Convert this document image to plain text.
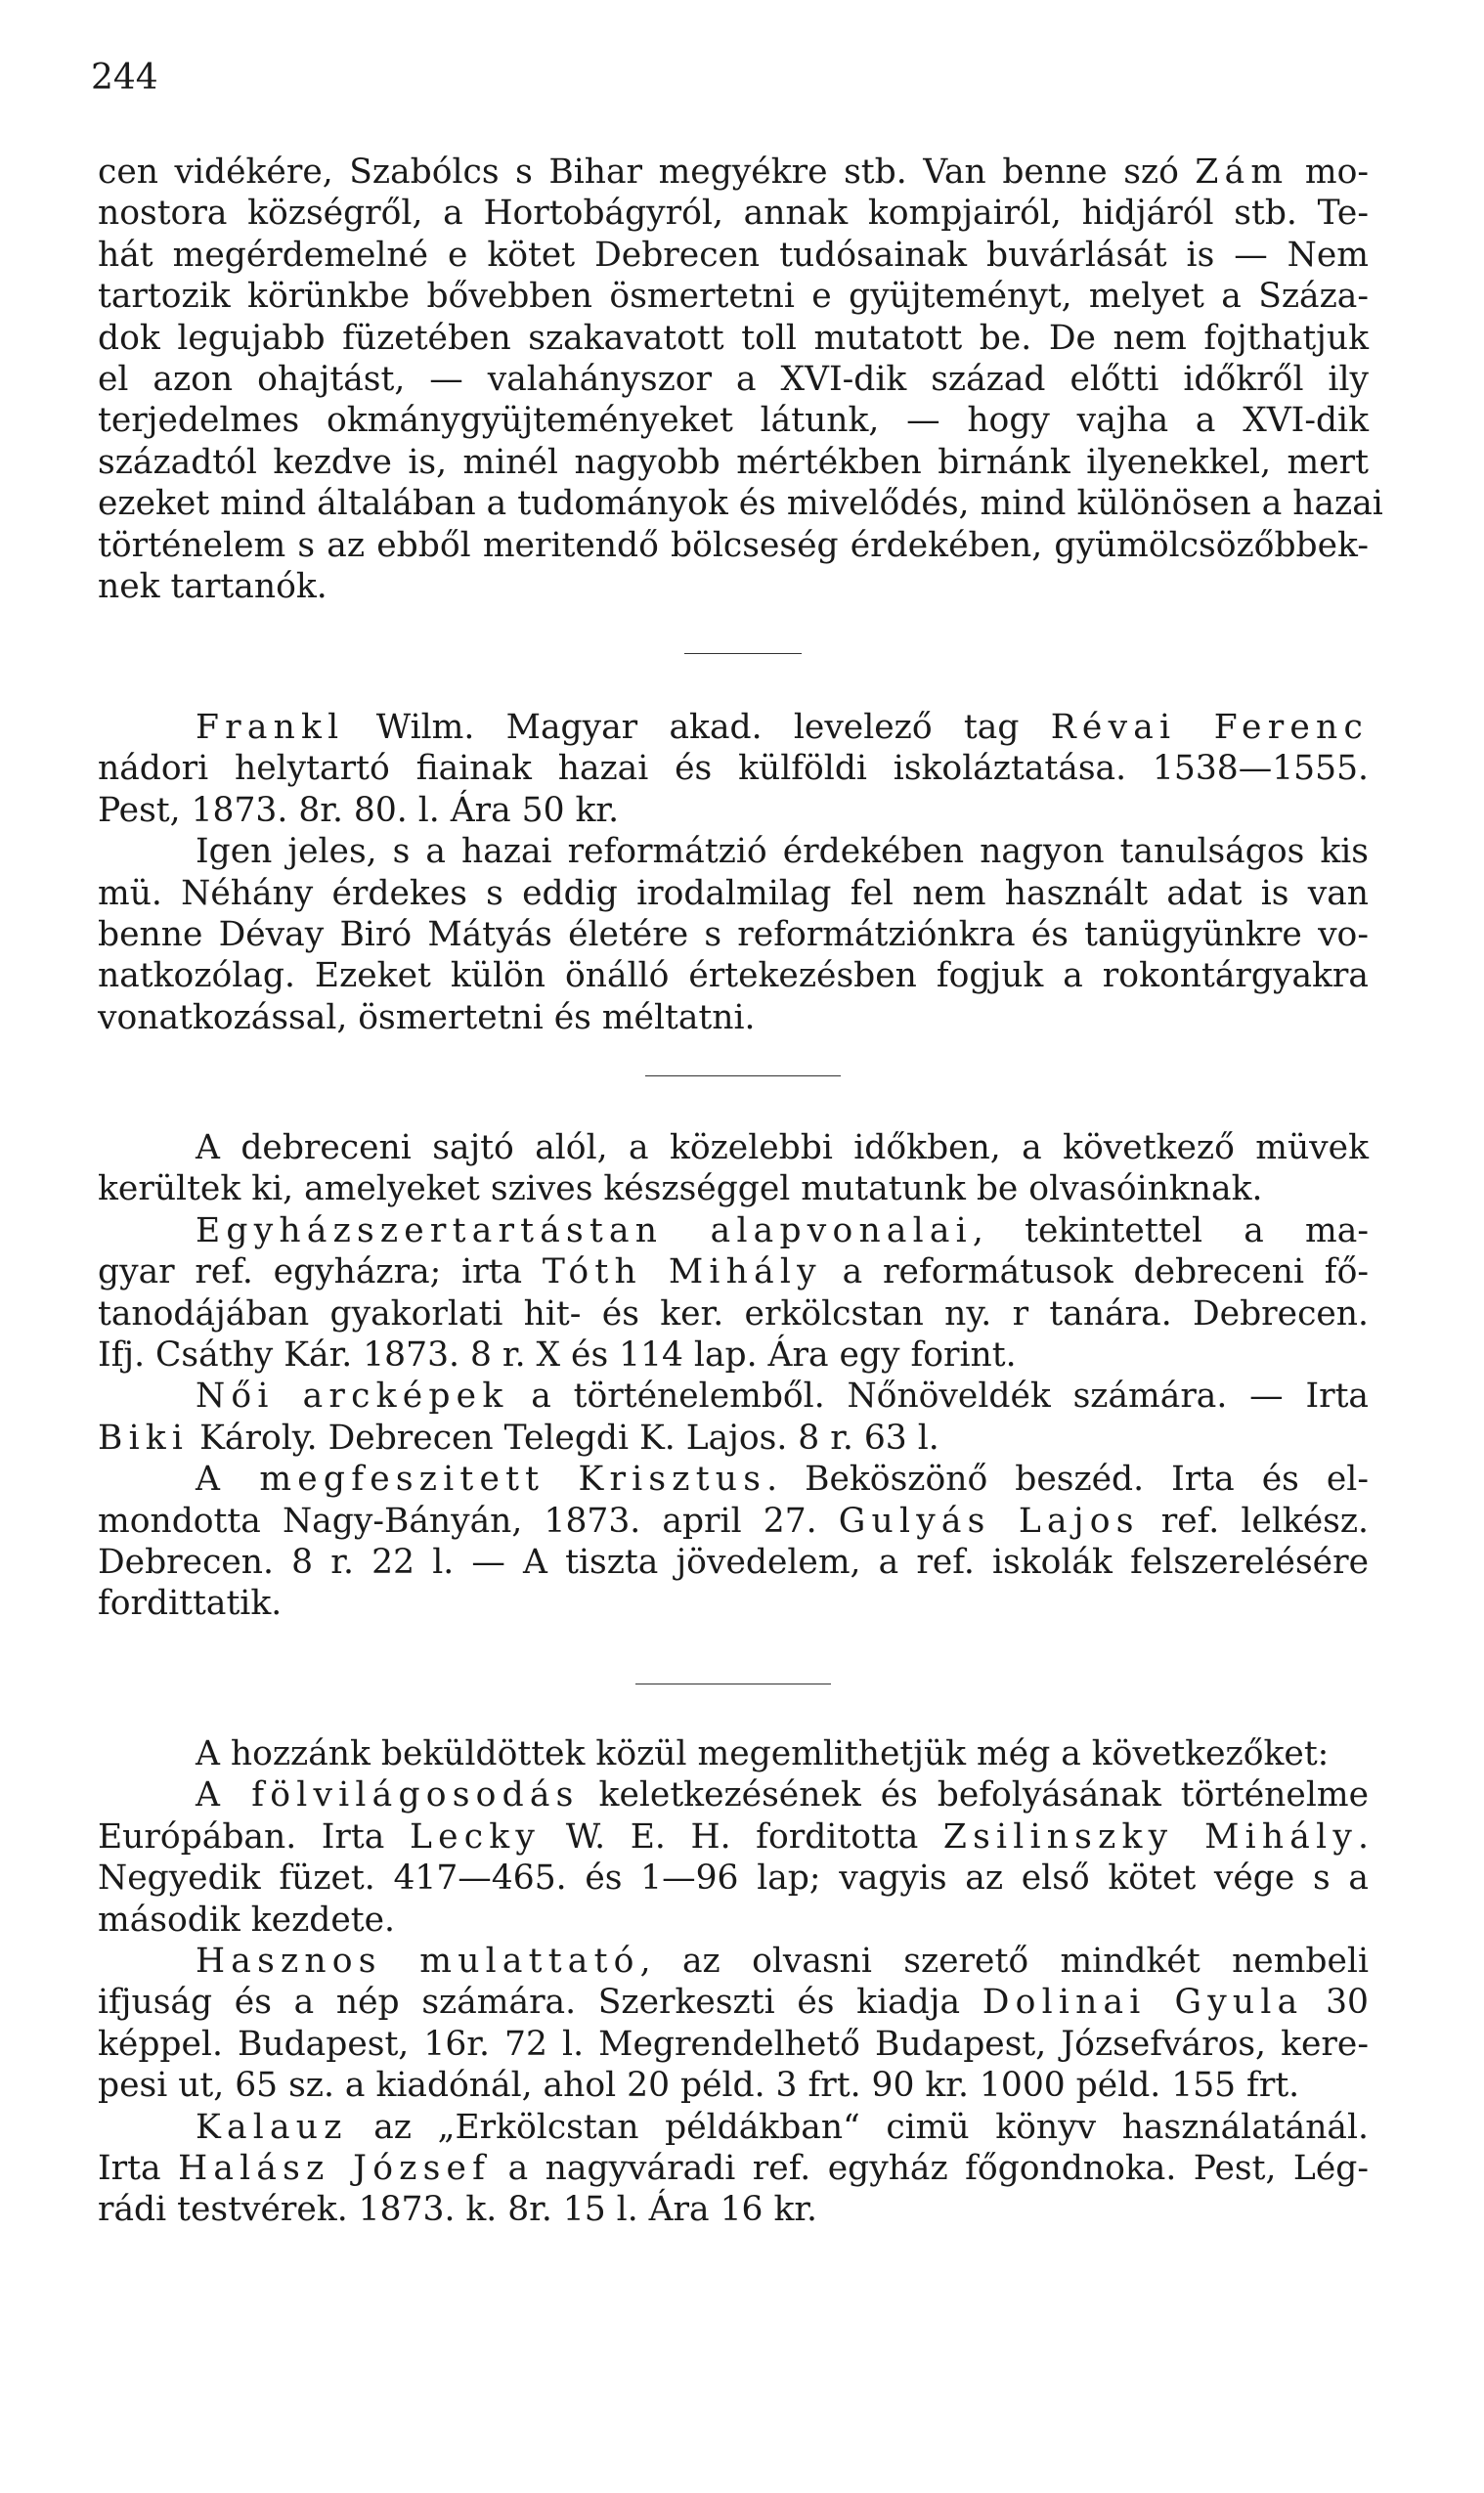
244
cen vidékére, Szabólcs s Bihar megyékre stb. Van benne szó Zám mo-
nostora községről, a Hortobágyról, annak kompjairól, hidjáról stb. Te-
hát megérdemelné e kötet Debrecen tudósainak buvárlását is — Nem
tartozik körünkbe bővebben ösmertetni e gyüjteményt, melyet a Száza-
dok legujabb füzetében szakavatott toll mutatott be. De nem fojthatjuk
el azon ohajtást, — valahányszor a XVI-dik század előtti időkről ily
terjedelmes okmánygyüjteményeket látunk, — hogy vajha a XVI-dik
századtól kezdve is, minél nagyobb mértékben birnánk ilyenekkel, mert
ezeket mind általában a tudományok és mivelődés, mind különösen a hazai
történelem s az ebből meritendő bölcseség érdekében, gyümölcsözőbbek-
nek tartanók.
Frankl Wilm. Magyar akad. levelező tag Révai Ferenc
nádori helytartó fiainak hazai és külföldi iskoláztatása. 1538—1555.
Pest, 1873. 8r. 80. l. Ára 50 kr.
Igen jeles, s a hazai reformátzió érdekében nagyon tanulságos kis
mü. Néhány érdekes s eddig irodalmilag fel nem használt adat is van
benne Dévay Biró Mátyás életére s reformátziónkra és tanügyünkre vo-
natkozólag. Ezeket külön önálló értekezésben fogjuk a rokontárgyakra
vonatkozással, ösmertetni és méltatni.
A debreceni sajtó alól, a közelebbi időkben, a következő müvek
kerültek ki, amelyeket szives készséggel mutatunk be olvasóinknak.
Egyházszertartástan alapvonalai, tekintettel a ma-
gyar ref. egyházra; irta Tóth Mihály a reformátusok debreceni fő-
tanodájában gyakorlati hit- és ker. erkölcstan ny. r tanára. Debrecen.
Ifj. Csáthy Kár. 1873. 8 r. X és 114 lap. Ára egy forint.
Női arcképek a történelemből. Nőnöveldék számára. — Irta
Biki Károly. Debrecen Telegdi K. Lajos. 8 r. 63 l.
A megfeszitett Krisztus. Beköszönő beszéd. Irta és el-
mondotta Nagy-Bányán, 1873. april 27. Gulyás Lajos ref. lelkész.
Debrecen. 8 r. 22 l. — A tiszta jövedelem, a ref. iskolák felszerelésére
fordittatik.
A hozzánk beküldöttek közül megemlithetjük még a következőket:
A fölvilágosodás keletkezésének és befolyásának történelme
Európában. Irta Lecky W. E. H. forditotta Zsilinszky Mihály.
Negyedik füzet. 417—465. és 1—96 lap; vagyis az első kötet vége s a
második kezdete.
Hasznos mulattató, az olvasni szerető mindkét nembeli
ifjuság és a nép számára. Szerkeszti és kiadja Dolinai Gyula 30
képpel. Budapest, 16r. 72 l. Megrendelhető Budapest, Józsefváros, kere-
pesi ut, 65 sz. a kiadónál, ahol 20 péld. 3 frt. 90 kr. 1000 péld. 155 frt.
Kalauz az „Erkölcstan példákban“ cimü könyv használatánál.
Irta Halász József a nagyváradi ref. egyház főgondnoka. Pest, Lég-
rádi testvérek. 1873. k. 8r. 15 l. Ára 16 kr.
